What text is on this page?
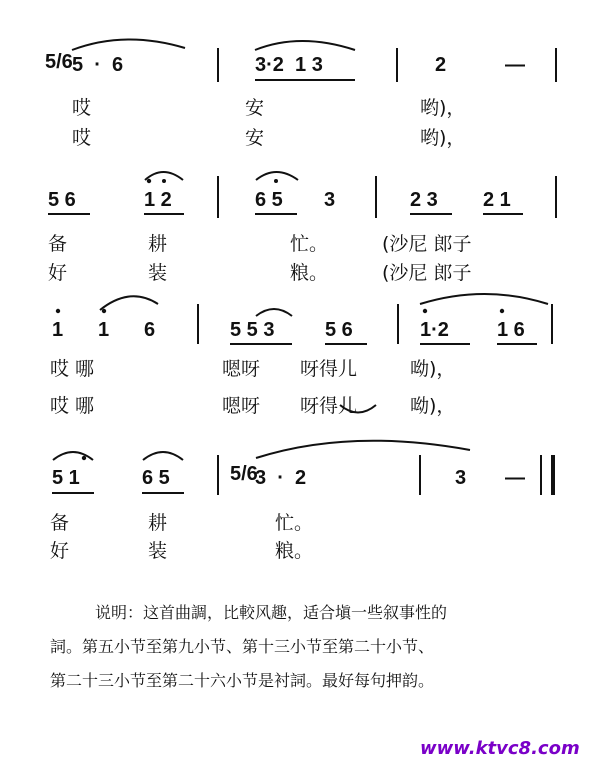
5/6 5  ·  6	3·2  1 3	2	—
哎	安	哟)，
哎	安	哟)，
5 6	1 2	6 5 3	2 3 2 1
备	耕	忙。	(沙尼 郎子
好	装	粮。	(沙尼 郎子
1 1 6	5 5 3	5 6	1·2 1 6
哎 哪	嗯呀 呀得儿	呦)，
哎 哪	嗯呀 呀得儿	呦)，
5 1	6 5	5/6
3  ·  2	3 —
备	耕	忙。
好	装	粮。
说明：这首曲調，比較风趣，适合塡一些叙事性的
詞。第五小节至第九小节、第十三小节至第二十小节、
第二十三小节至第二十六小节是衬詞。最好每句押韵。
www.ktvc8.com
